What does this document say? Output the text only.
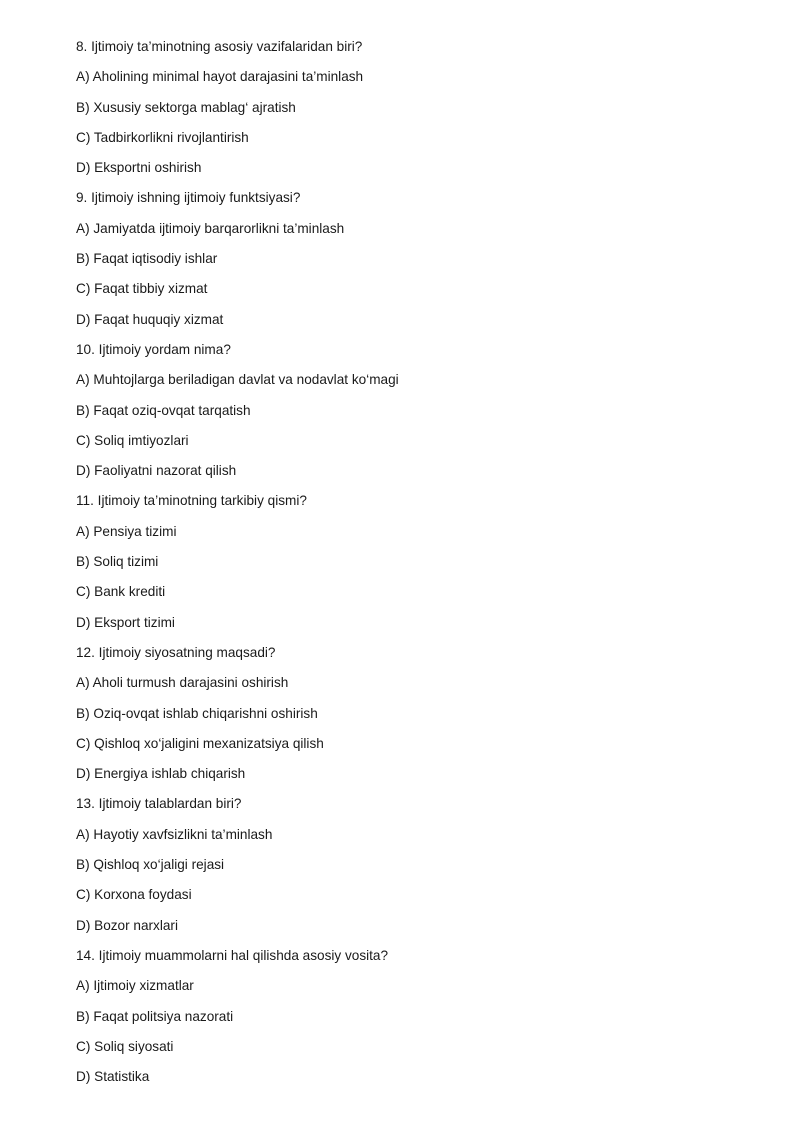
8. Ijtimoiy ta’minotning asosiy vazifalaridan biri?
A) Aholining minimal hayot darajasini ta’minlash
B) Xususiy sektorga mablag‘ ajratish
C) Tadbirkorlikni rivojlantirish
D) Eksportni oshirish
9. Ijtimoiy ishning ijtimoiy funktsiyasi?
A) Jamiyatda ijtimoiy barqarorlikni ta’minlash
B) Faqat iqtisodiy ishlar
C) Faqat tibbiy xizmat
D) Faqat huquqiy xizmat
10. Ijtimoiy yordam nima?
A) Muhtojlarga beriladigan davlat va nodavlat ko‘magi
B) Faqat oziq-ovqat tarqatish
C) Soliq imtiyozlari
D) Faoliyatni nazorat qilish
11. Ijtimoiy ta’minotning tarkibiy qismi?
A) Pensiya tizimi
B) Soliq tizimi
C) Bank krediti
D) Eksport tizimi
12. Ijtimoiy siyosatning maqsadi?
A) Aholi turmush darajasini oshirish
B) Oziq-ovqat ishlab chiqarishni oshirish
C) Qishloq xo‘jaligini mexanizatsiya qilish
D) Energiya ishlab chiqarish
13. Ijtimoiy talablardan biri?
A) Hayotiy xavfsizlikni ta’minlash
B) Qishloq xo‘jaligi rejasi
C) Korxona foydasi
D) Bozor narxlari
14. Ijtimoiy muammolarni hal qilishda asosiy vosita?
A) Ijtimoiy xizmatlar
B) Faqat politsiya nazorati
C) Soliq siyosati
D) Statistika
